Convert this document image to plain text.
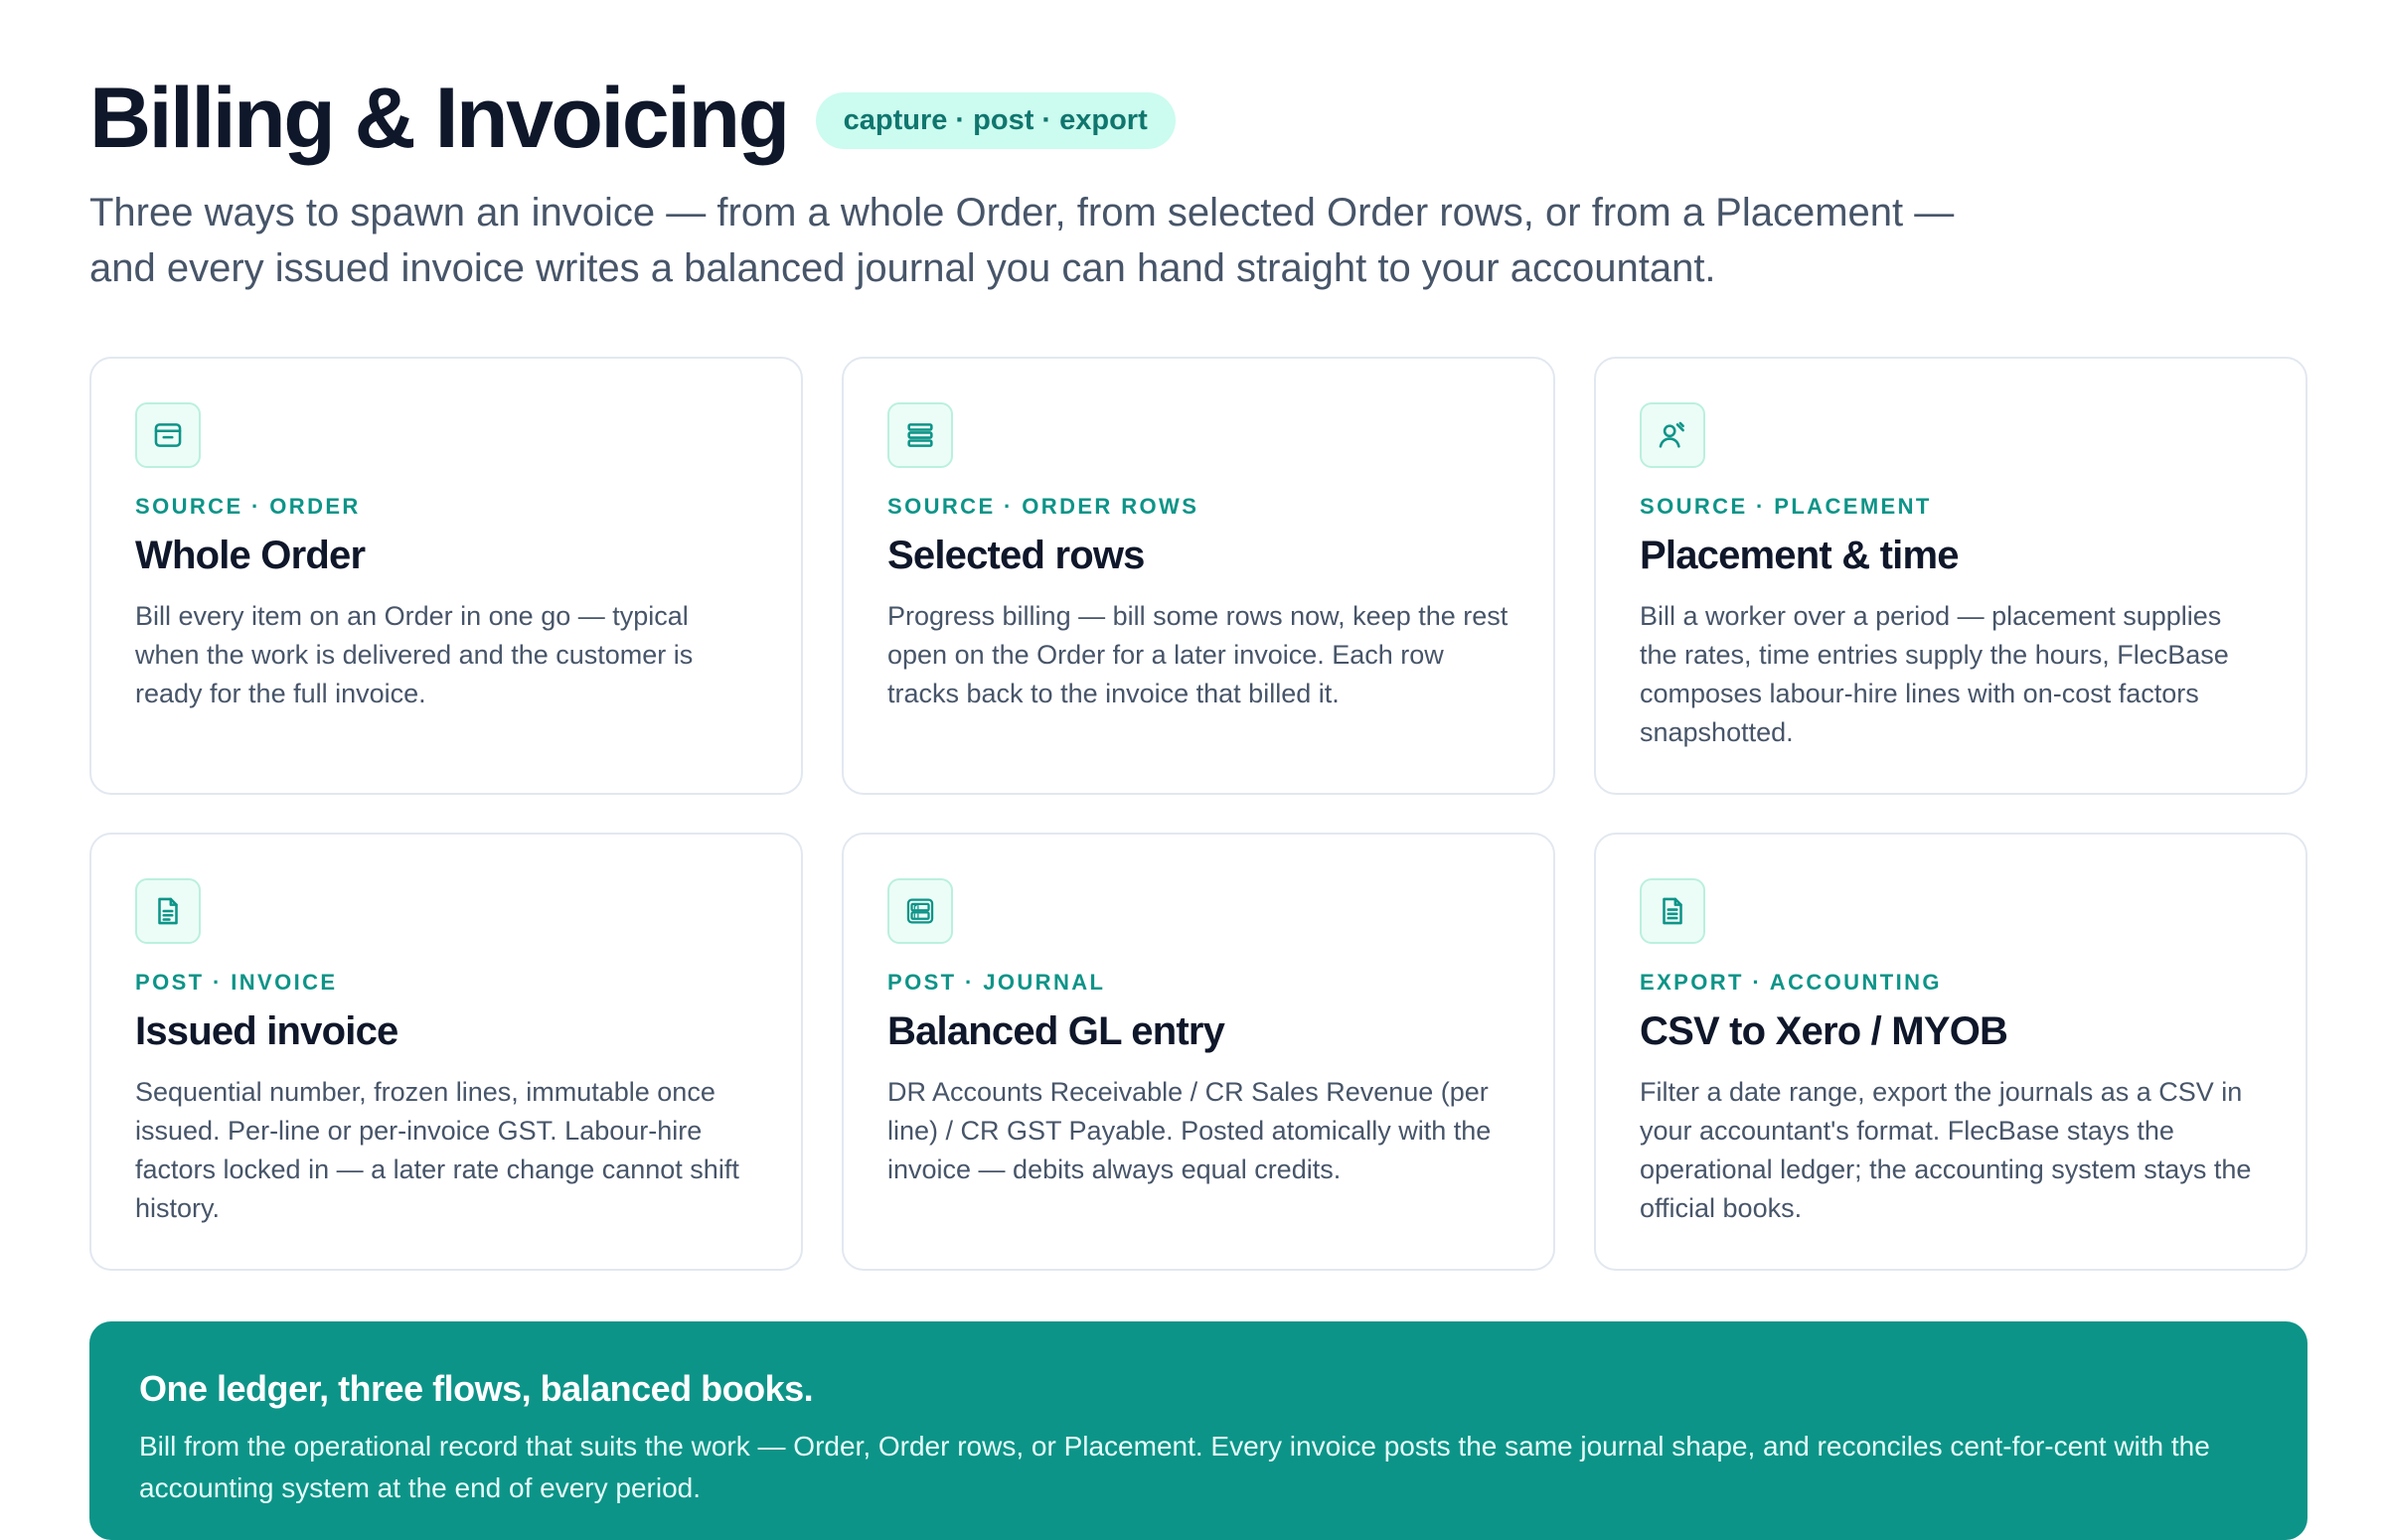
Billing & Invoicing	capture · post · export

Three ways to spawn an invoice — from a whole Order, from selected Order rows, or from a Placement — and every issued invoice writes a balanced journal you can hand straight to your accountant.

SOURCE · ORDER
Whole Order
Bill every item on an Order in one go — typical when the work is delivered and the customer is ready for the full invoice.
SOURCE · ORDER ROWS
Selected rows
Progress billing — bill some rows now, keep the rest open on the Order for a later invoice. Each row tracks back to the invoice that billed it.
SOURCE · PLACEMENT
Placement & time
Bill a worker over a period — placement supplies the rates, time entries supply the hours, FlecBase composes labour-hire lines with on-cost factors snapshotted.
POST · INVOICE
Issued invoice
Sequential number, frozen lines, immutable once issued. Per-line or per-invoice GST. Labour-hire factors locked in — a later rate change cannot shift history.
POST · JOURNAL
Balanced GL entry
DR Accounts Receivable / CR Sales Revenue (per line) / CR GST Payable. Posted atomically with the invoice — debits always equal credits.
EXPORT · ACCOUNTING
CSV to Xero / MYOB
Filter a date range, export the journals as a CSV in your accountant's format. FlecBase stays the operational ledger; the accounting system stays the official books.
One ledger, three flows, balanced books.
Bill from the operational record that suits the work — Order, Order rows, or Placement. Every invoice posts the same journal shape, and reconciles cent-for-cent with the accounting system at the end of every period.
